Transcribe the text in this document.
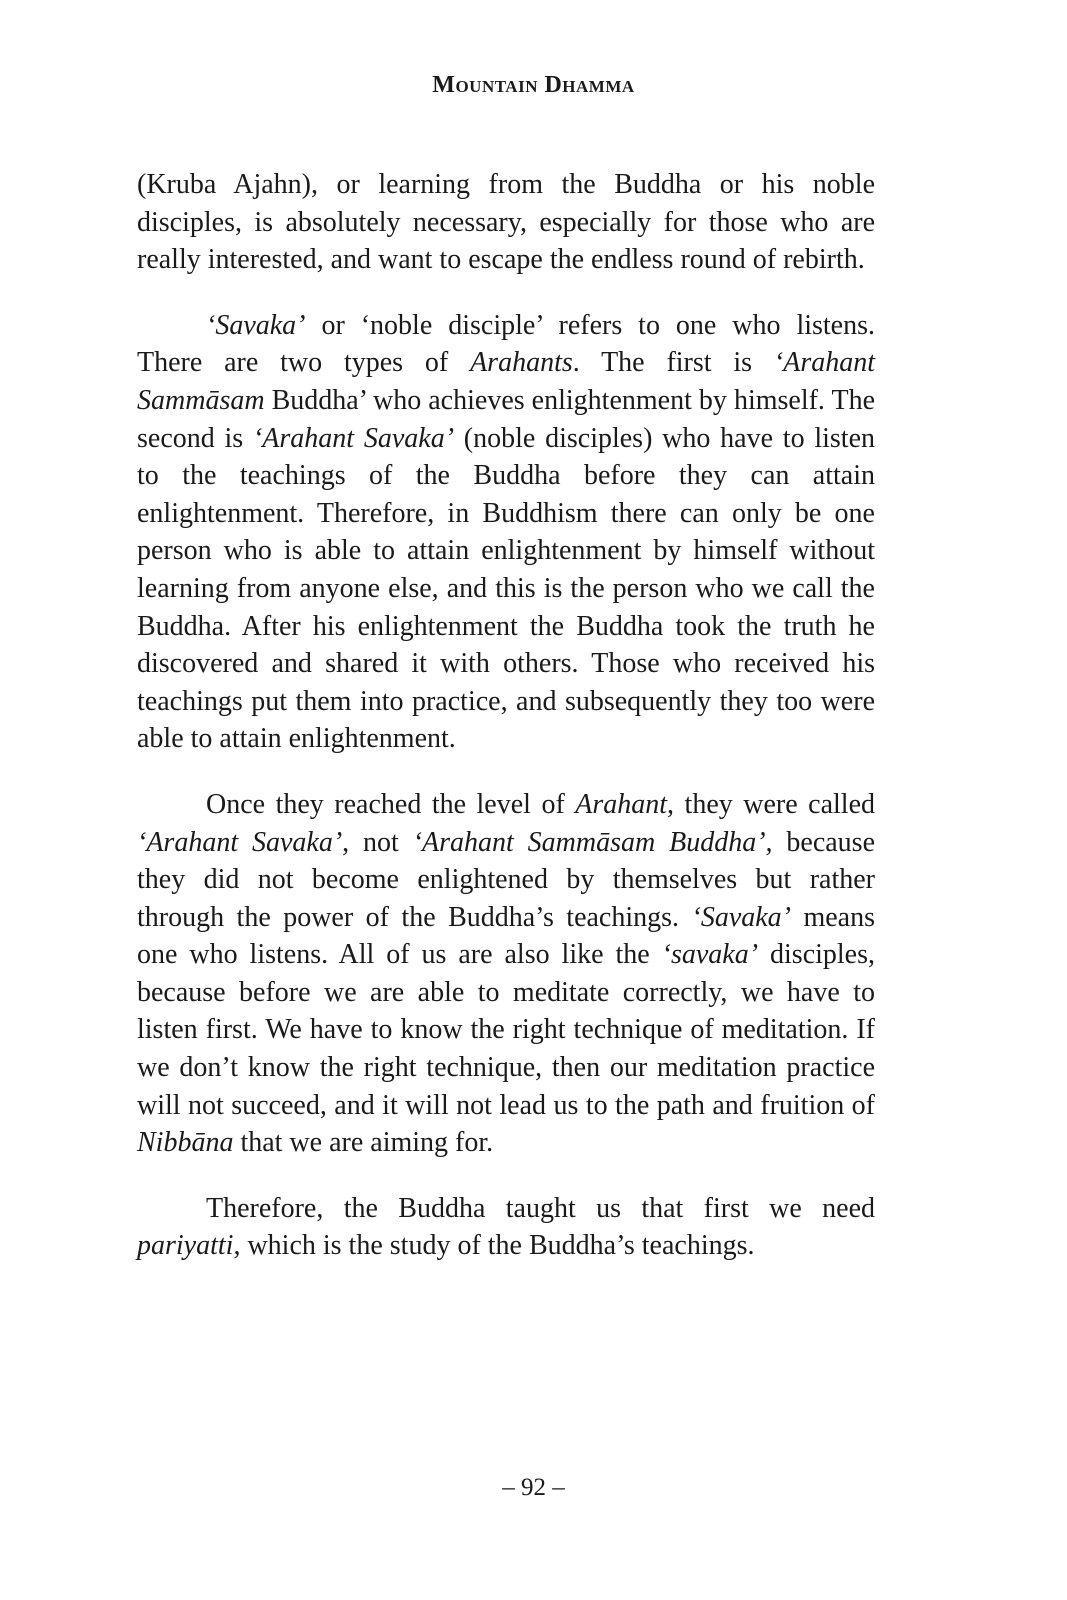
Mountain Dhamma

(Kruba Ajahn), or learning from the Buddha or his noble disciples, is absolutely necessary, especially for those who are really interested, and want to escape the endless round of rebirth.

‘Savaka’ or ‘noble disciple’ refers to one who listens. There are two types of Arahants. The first is ‘Arahant Sammāsam Buddha’ who achieves enlightenment by himself. The second is ‘Arahant Savaka’ (noble disciples) who have to listen to the teachings of the Buddha before they can attain enlightenment. Therefore, in Buddhism there can only be one person who is able to attain enlightenment by himself without learning from anyone else, and this is the person who we call the Buddha. After his enlightenment the Buddha took the truth he discovered and shared it with others. Those who received his teachings put them into practice, and subsequently they too were able to attain enlightenment.

Once they reached the level of Arahant, they were called ‘Arahant Savaka’, not ‘Arahant Sammāsam Buddha’, because they did not become enlightened by themselves but rather through the power of the Buddha’s teachings. ‘Savaka’ means one who listens. All of us are also like the ‘savaka’ disciples, because before we are able to meditate correctly, we have to listen first. We have to know the right technique of meditation. If we don’t know the right technique, then our meditation practice will not succeed, and it will not lead us to the path and fruition of Nibbāna that we are aiming for.

Therefore, the Buddha taught us that first we need pariyatti, which is the study of the Buddha’s teachings.

– 92 –
